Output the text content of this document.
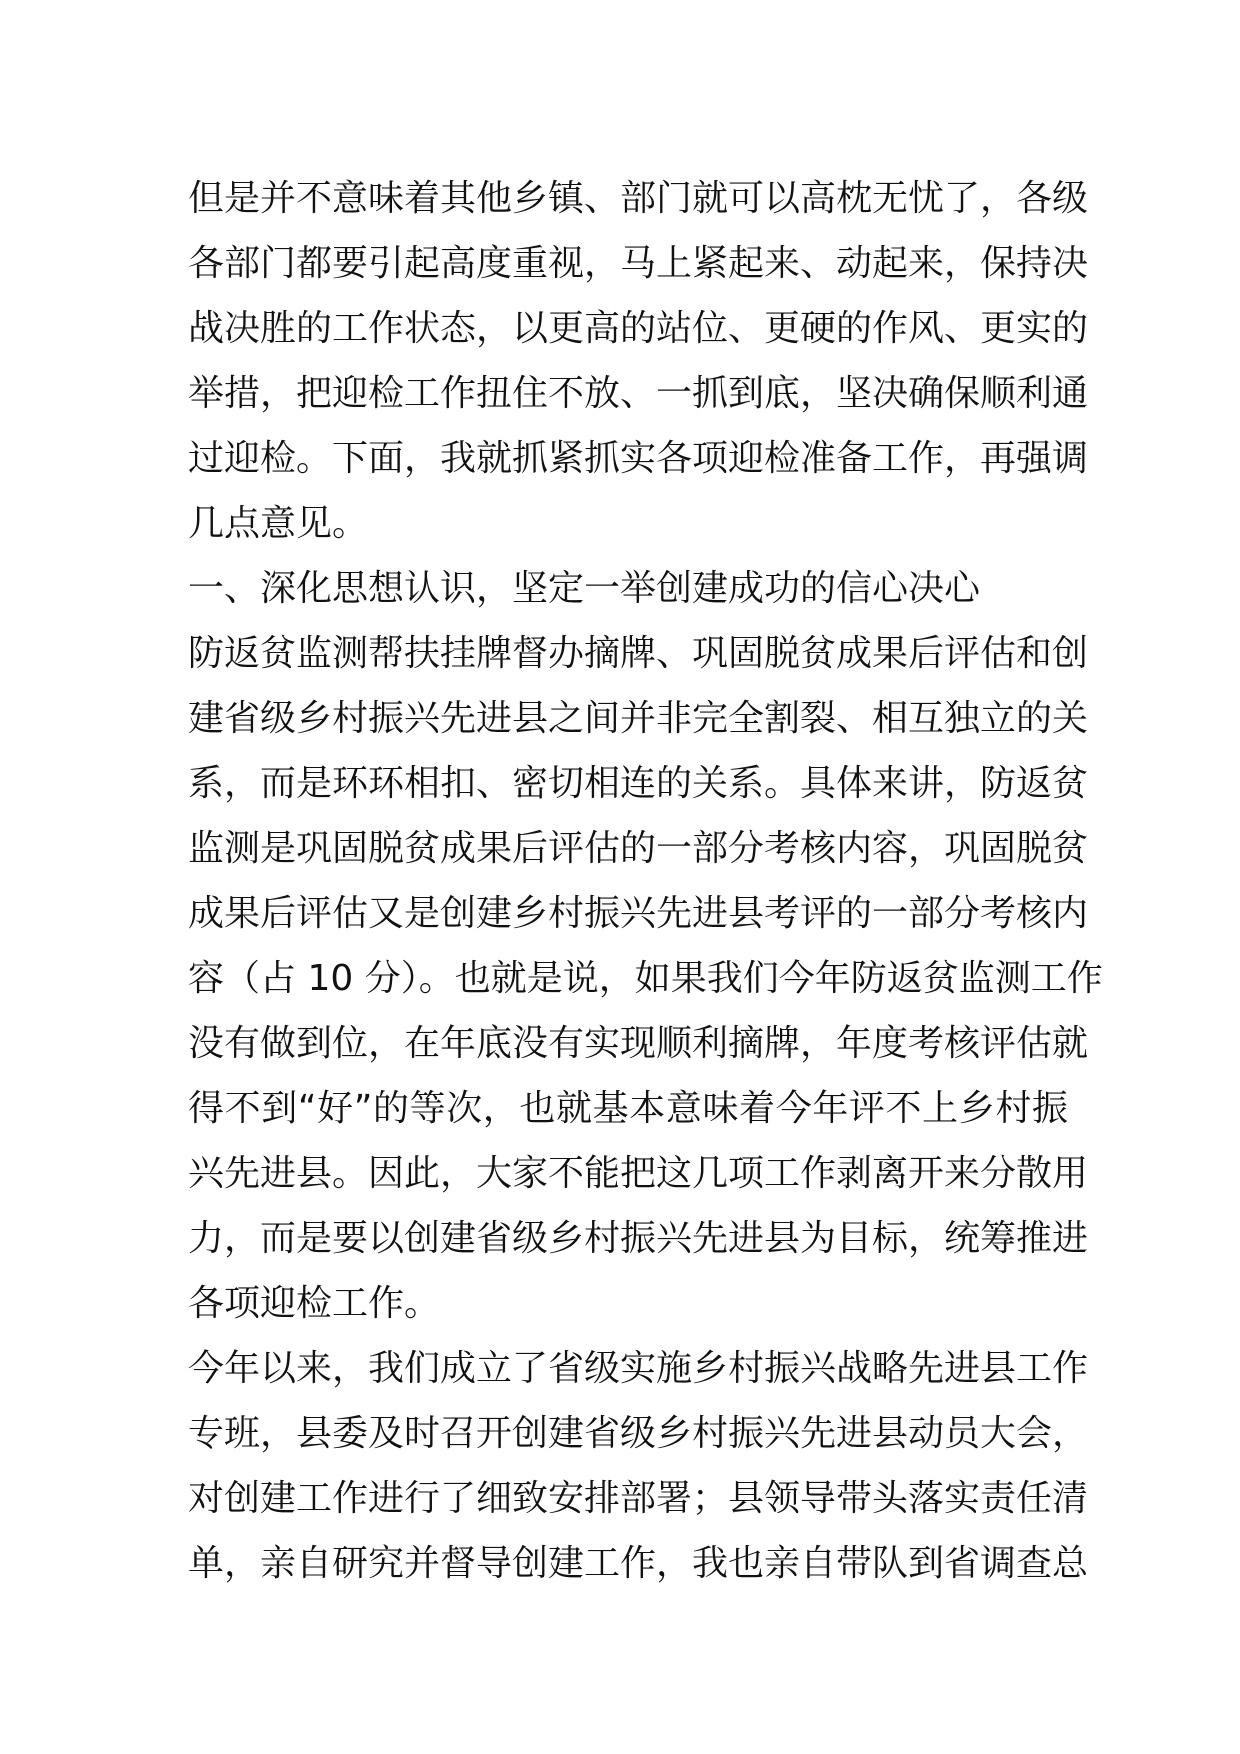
但是并不意味着其他乡镇、部门就可以高枕无忧了，各级
各部门都要引起高度重视，马上紧起来、动起来，保持决
战决胜的工作状态，以更高的站位、更硬的作风、更实的
举措，把迎检工作扭住不放、一抓到底，坚决确保顺利通
过迎检。下面，我就抓紧抓实各项迎检准备工作，再强调
几点意见。
一、深化思想认识，坚定一举创建成功的信心决心
防返贫监测帮扶挂牌督办摘牌、巩固脱贫成果后评估和创
建省级乡村振兴先进县之间并非完全割裂、相互独立的关
系，而是环环相扣、密切相连的关系。具体来讲，防返贫
监测是巩固脱贫成果后评估的一部分考核内容，巩固脱贫
成果后评估又是创建乡村振兴先进县考评的一部分考核内
容（占 10 分）。也就是说，如果我们今年防返贫监测工作
没有做到位，在年底没有实现顺利摘牌，年度考核评估就
得不到“好”的等次，也就基本意味着今年评不上乡村振
兴先进县。因此，大家不能把这几项工作剥离开来分散用
力，而是要以创建省级乡村振兴先进县为目标，统筹推进
各项迎检工作。
今年以来，我们成立了省级实施乡村振兴战略先进县工作
专班，县委及时召开创建省级乡村振兴先进县动员大会，
对创建工作进行了细致安排部署；县领导带头落实责任清
单，亲自研究并督导创建工作，我也亲自带队到省调查总
